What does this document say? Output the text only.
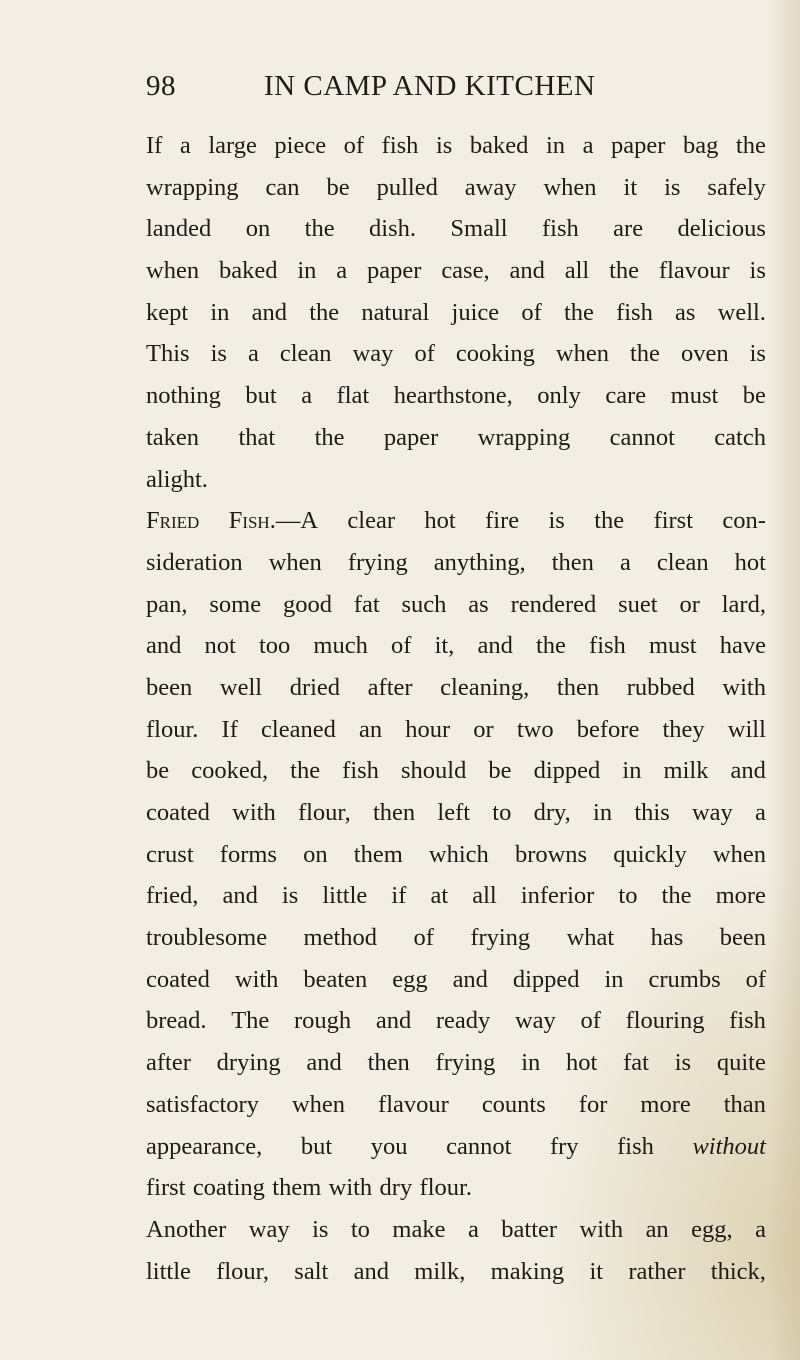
98	IN CAMP AND KITCHEN
If a large piece of fish is baked in a paper bag the
wrapping can be pulled away when it is safely
landed on the dish. Small fish are delicious
when baked in a paper case, and all the flavour is
kept in and the natural juice of the fish as well.
This is a clean way of cooking when the oven is
nothing but a flat hearthstone, only care must be
taken that the paper wrapping cannot catch
alight.
Fried Fish.—A clear hot fire is the first con-
sideration when frying anything, then a clean hot
pan, some good fat such as rendered suet or lard,
and not too much of it, and the fish must have
been well dried after cleaning, then rubbed with
flour. If cleaned an hour or two before they will
be cooked, the fish should be dipped in milk and
coated with flour, then left to dry, in this way a
crust forms on them which browns quickly when
fried, and is little if at all inferior to the more
troublesome method of frying what has been
coated with beaten egg and dipped in crumbs of
bread. The rough and ready way of flouring fish
after drying and then frying in hot fat is quite
satisfactory when flavour counts for more than
appearance, but you cannot fry fish without
first coating them with dry flour.
Another way is to make a batter with an egg, a
little flour, salt and milk, making it rather thick,
